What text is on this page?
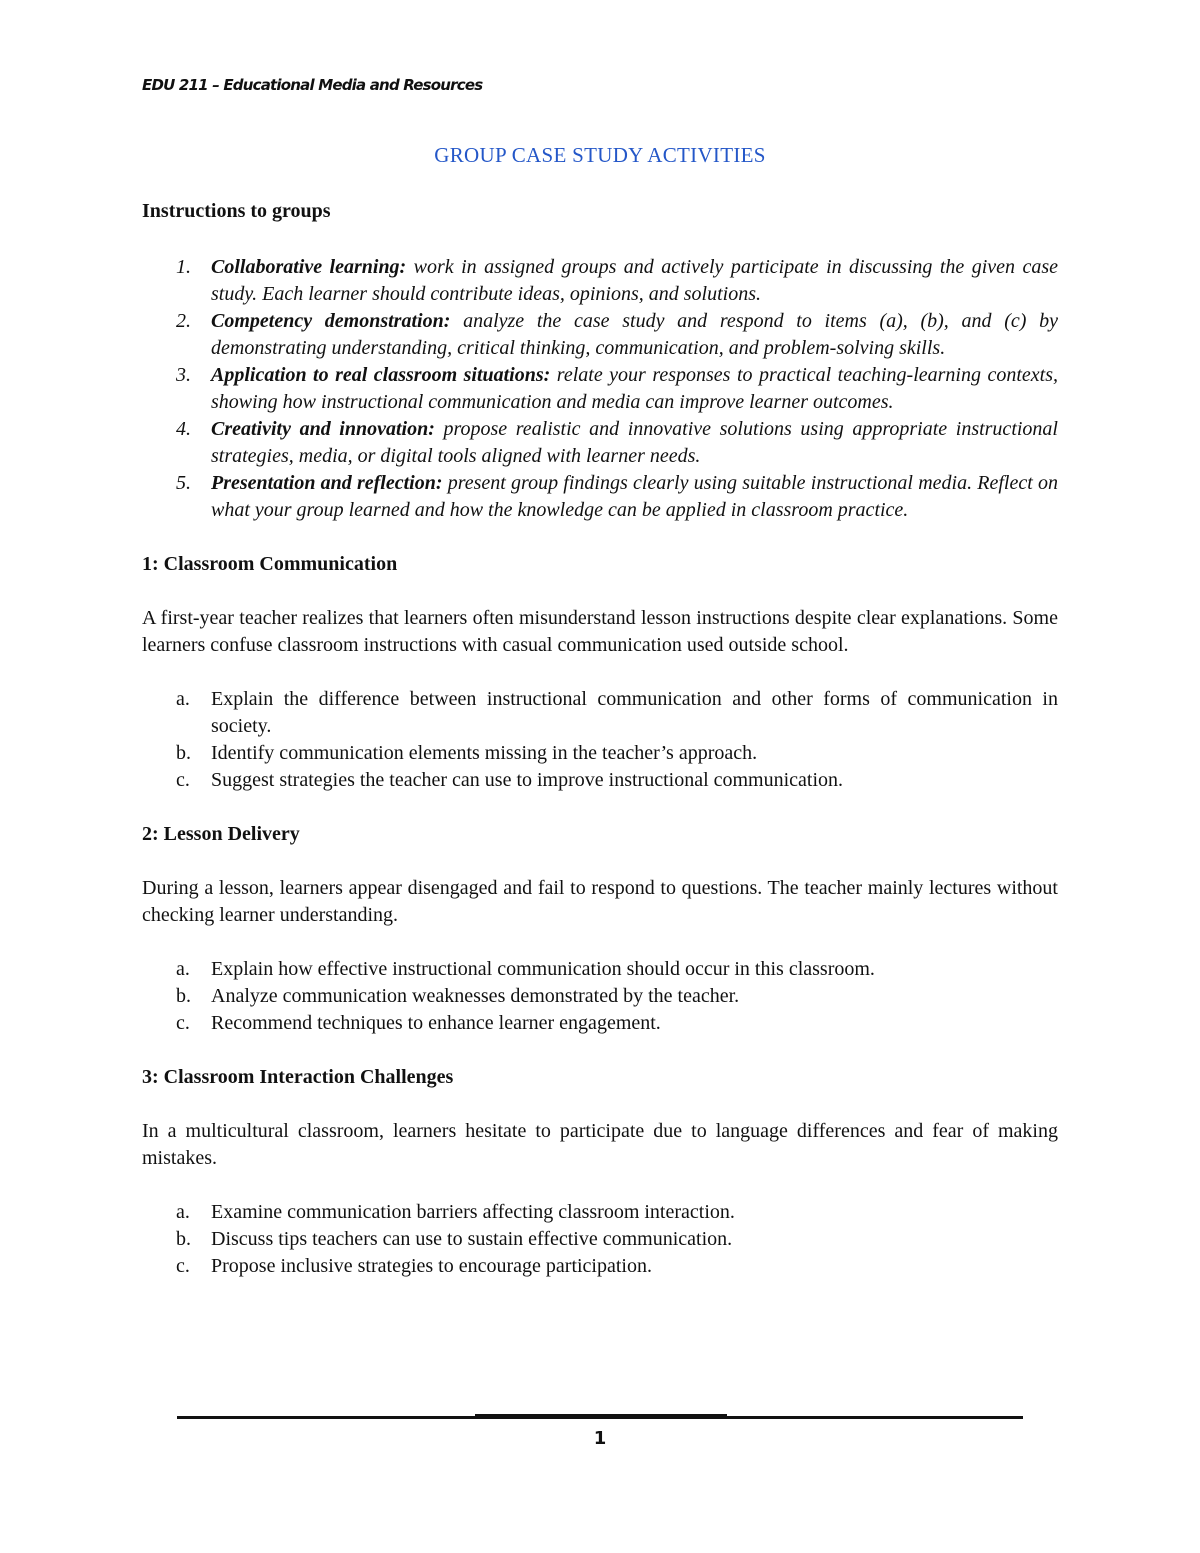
EDU 211 – Educational Media and Resources
GROUP CASE STUDY ACTIVITIES

Instructions to groups

1. Collaborative learning: work in assigned groups and actively participate in discussing the given case study. Each learner should contribute ideas, opinions, and solutions.
2. Competency demonstration: analyze the case study and respond to items (a), (b), and (c) by demonstrating understanding, critical thinking, communication, and problem-solving skills.
3. Application to real classroom situations: relate your responses to practical teaching-learning contexts, showing how instructional communication and media can improve learner outcomes.
4. Creativity and innovation: propose realistic and innovative solutions using appropriate instructional strategies, media, or digital tools aligned with learner needs.
5. Presentation and reflection: present group findings clearly using suitable instructional media. Reflect on what your group learned and how the knowledge can be applied in classroom practice.

1: Classroom Communication

A first-year teacher realizes that learners often misunderstand lesson instructions despite clear explanations. Some learners confuse classroom instructions with casual communication used outside school.

a. Explain the difference between instructional communication and other forms of communication in society.
b. Identify communication elements missing in the teacher’s approach.
c. Suggest strategies the teacher can use to improve instructional communication.

2: Lesson Delivery

During a lesson, learners appear disengaged and fail to respond to questions. The teacher mainly lectures without checking learner understanding.

a. Explain how effective instructional communication should occur in this classroom.
b. Analyze communication weaknesses demonstrated by the teacher.
c. Recommend techniques to enhance learner engagement.

3: Classroom Interaction Challenges

In a multicultural classroom, learners hesitate to participate due to language differences and fear of making mistakes.

a. Examine communication barriers affecting classroom interaction.
b. Discuss tips teachers can use to sustain effective communication.
c. Propose inclusive strategies to encourage participation.
1
